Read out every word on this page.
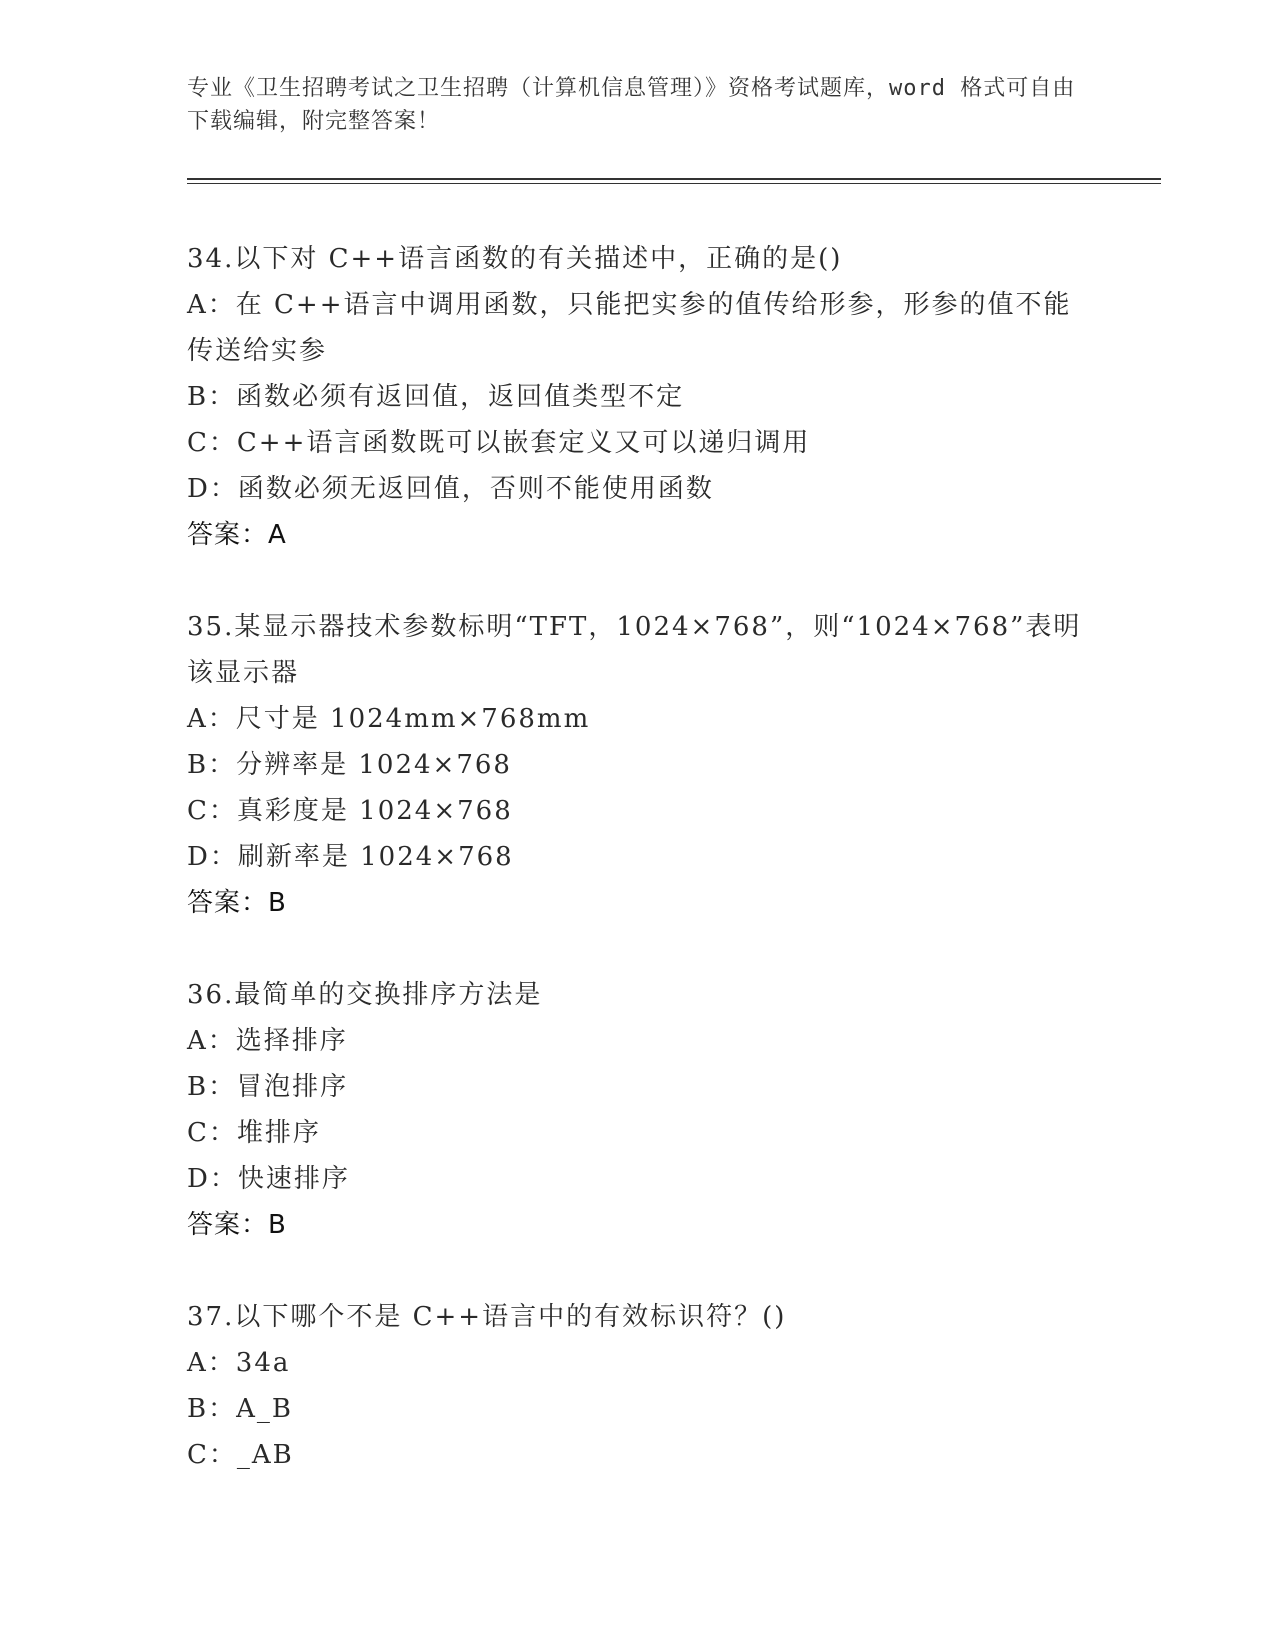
专业《卫生招聘考试之卫生招聘（计算机信息管理）》资格考试题库，word 格式可自由下载编辑，附完整答案！
34.以下对 C++语言函数的有关描述中，正确的是()
A：在 C++语言中调用函数，只能把实参的值传给形参，形参的值不能传送给实参
B：函数必须有返回值，返回值类型不定
C：C++语言函数既可以嵌套定义又可以递归调用
D：函数必须无返回值，否则不能使用函数
答案：A
35.某显示器技术参数标明“TFT，1024×768”，则“1024×768”表明该显示器
A：尺寸是 1024mm×768mm
B：分辨率是 1024×768
C：真彩度是 1024×768
D：刷新率是 1024×768
答案：B
36.最简单的交换排序方法是
A：选择排序
B：冒泡排序
C：堆排序
D：快速排序
答案：B
37.以下哪个不是 C++语言中的有效标识符？()
A：34a
B：A_B
C：_AB
